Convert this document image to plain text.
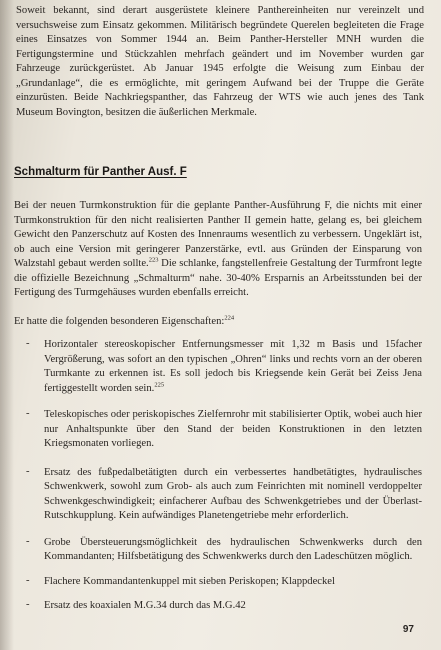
Soweit bekannt, sind derart ausgerüstete kleinere Panthereinheiten nur vereinzelt und versuchsweise zum Einsatz gekommen. Militärisch begründete Querelen begleiteten die Frage eines Einsatzes von Sommer 1944 an. Beim Panther-Hersteller MNH wurden die Fertigungstermine und Stückzahlen mehrfach geändert und im November wurden gar Fahrzeuge zurückgerüstet. Ab Januar 1945 erfolgte die Weisung zum Einbau der „Grundanlage“, die es ermöglichte, mit geringem Aufwand bei der Truppe die Geräte einzurüsten. Beide Nachkriegspanther, das Fahrzeug der WTS wie auch jenes des Tank Museum Bovington, besitzen die äußerlichen Merkmale.

Schmalturm für Panther Ausf. F

Bei der neuen Turmkonstruktion für die geplante Panther-Ausführung F, die nichts mit einer Turmkonstruktion für den nicht realisierten Panther II gemein hatte, gelang es, bei gleichem Gewicht den Panzerschutz auf Kosten des Innenraums wesentlich zu verbessern. Ungeklärt ist, ob auch eine Version mit geringerer Panzerstärke, evtl. aus Gründen der Einsparung von Walzstahl gebaut werden sollte.$^{223}$ Die schlanke, fangstellenfreie Gestaltung der Turmfront legte die offizielle Bezeichnung „Schmalturm“ nahe. 30-40% Ersparnis an Arbeitsstunden bei der Fertigung des Turmgehäuses wurden ebenfalls erreicht.

Er hatte die folgenden besonderen Eigenschaften:$^{224}$
- Horizontaler stereoskopischer Entfernungsmesser mit 1,32 m Basis und 15facher Vergrößerung, was sofort an den typischen „Ohren“ links und rechts vorn an der oberen Turmkante zu erkennen ist. Es soll jedoch bis Kriegsende kein Gerät bei Zeiss Jena fertiggestellt worden sein.$^{225}$
- Teleskopisches oder periskopisches Zielfernrohr mit stabilisierter Optik, wobei auch hier nur Anhaltspunkte über den Stand der beiden Konstruktionen in den letzten Kriegsmonaten vorliegen.
- Ersatz des fußpedalbetätigten durch ein verbessertes handbetätigtes, hydraulisches Schwenkwerk, sowohl zum Grob- als auch zum Feinrichten mit nominell verdoppelter Schwenkgeschwindigkeit; einfacherer Aufbau des Schwenkgetriebes und der Überlast-Rutschkupplung. Kein aufwändiges Planetengetriebe mehr erforderlich.
- Grobe Übersteuerungsmöglichkeit des hydraulischen Schwenkwerks durch den Kommandanten; Hilfsbetätigung des Schwenkwerks durch den Ladeschützen möglich.
- Flachere Kommandantenkuppel mit sieben Periskopen; Klappdeckel
- Ersatz des koaxialen M.G.34 durch das M.G.42
97
